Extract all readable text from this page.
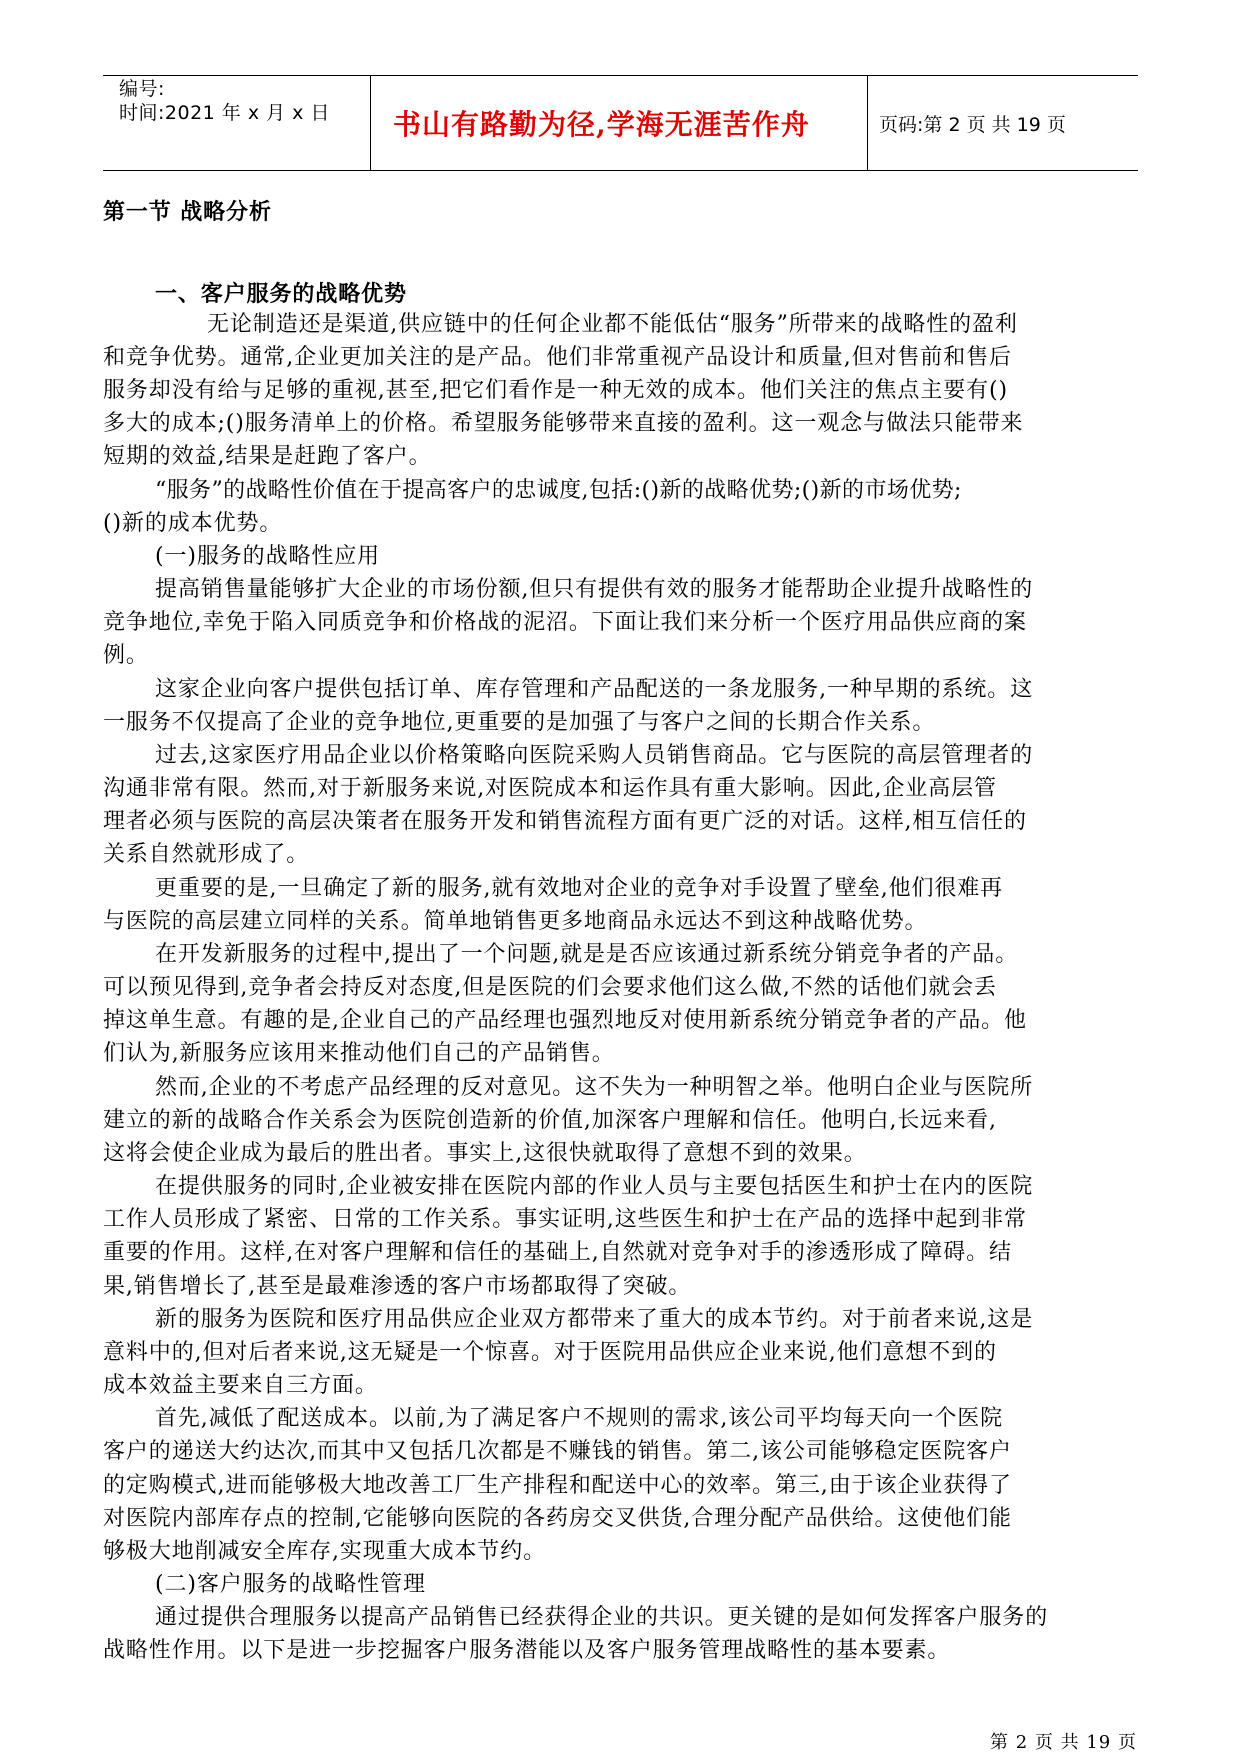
编号:
时间:2021 年 x 月 x 日 书山有路勤为径,学海无涯苦作舟	页码:第 2 页 共 19 页
第一节 战略分析
一、客户服务的战略优势
无论制造还是渠道,供应链中的任何企业都不能低估“服务”所带来的战略性的盈利
和竞争优势。通常,企业更加关注的是产品。他们非常重视产品设计和质量,但对售前和售后
服务却没有给与足够的重视,甚至,把它们看作是一种无效的成本。他们关注的焦点主要有()
多大的成本;()服务清单上的价格。希望服务能够带来直接的盈利。这一观念与做法只能带来
短期的效益,结果是赶跑了客户。
“服务”的战略性价值在于提高客户的忠诚度,包括:()新的战略优势;()新的市场优势;
()新的成本优势。
(一)服务的战略性应用
提高销售量能够扩大企业的市场份额,但只有提供有效的服务才能帮助企业提升战略性的
竞争地位,幸免于陷入同质竞争和价格战的泥沼。下面让我们来分析一个医疗用品供应商的案
例。
这家企业向客户提供包括订单、库存管理和产品配送的一条龙服务,一种早期的系统。这
一服务不仅提高了企业的竞争地位,更重要的是加强了与客户之间的长期合作关系。
过去,这家医疗用品企业以价格策略向医院采购人员销售商品。它与医院的高层管理者的
沟通非常有限。然而,对于新服务来说,对医院成本和运作具有重大影响。因此,企业高层管
理者必须与医院的高层决策者在服务开发和销售流程方面有更广泛的对话。这样,相互信任的
关系自然就形成了。
更重要的是,一旦确定了新的服务,就有效地对企业的竞争对手设置了壁垒,他们很难再
与医院的高层建立同样的关系。简单地销售更多地商品永远达不到这种战略优势。
在开发新服务的过程中,提出了一个问题,就是是否应该通过新系统分销竞争者的产品。
可以预见得到,竞争者会持反对态度,但是医院的们会要求他们这么做,不然的话他们就会丢
掉这单生意。有趣的是,企业自己的产品经理也强烈地反对使用新系统分销竞争者的产品。他
们认为,新服务应该用来推动他们自己的产品销售。
然而,企业的不考虑产品经理的反对意见。这不失为一种明智之举。他明白企业与医院所
建立的新的战略合作关系会为医院创造新的价值,加深客户理解和信任。他明白,长远来看,
这将会使企业成为最后的胜出者。事实上,这很快就取得了意想不到的效果。
在提供服务的同时,企业被安排在医院内部的作业人员与主要包括医生和护士在内的医院
工作人员形成了紧密、日常的工作关系。事实证明,这些医生和护士在产品的选择中起到非常
重要的作用。这样,在对客户理解和信任的基础上,自然就对竞争对手的渗透形成了障碍。结
果,销售增长了,甚至是最难渗透的客户市场都取得了突破。
新的服务为医院和医疗用品供应企业双方都带来了重大的成本节约。对于前者来说,这是
意料中的,但对后者来说,这无疑是一个惊喜。对于医院用品供应企业来说,他们意想不到的
成本效益主要来自三方面。
首先,减低了配送成本。以前,为了满足客户不规则的需求,该公司平均每天向一个医院
客户的递送大约达次,而其中又包括几次都是不赚钱的销售。第二,该公司能够稳定医院客户
的定购模式,进而能够极大地改善工厂生产排程和配送中心的效率。第三,由于该企业获得了
对医院内部库存点的控制,它能够向医院的各药房交叉供货,合理分配产品供给。这使他们能
够极大地削减安全库存,实现重大成本节约。
(二)客户服务的战略性管理
通过提供合理服务以提高产品销售已经获得企业的共识。更关键的是如何发挥客户服务的
战略性作用。以下是进一步挖掘客户服务潜能以及客户服务管理战略性的基本要素。
第 2 页 共 19 页
